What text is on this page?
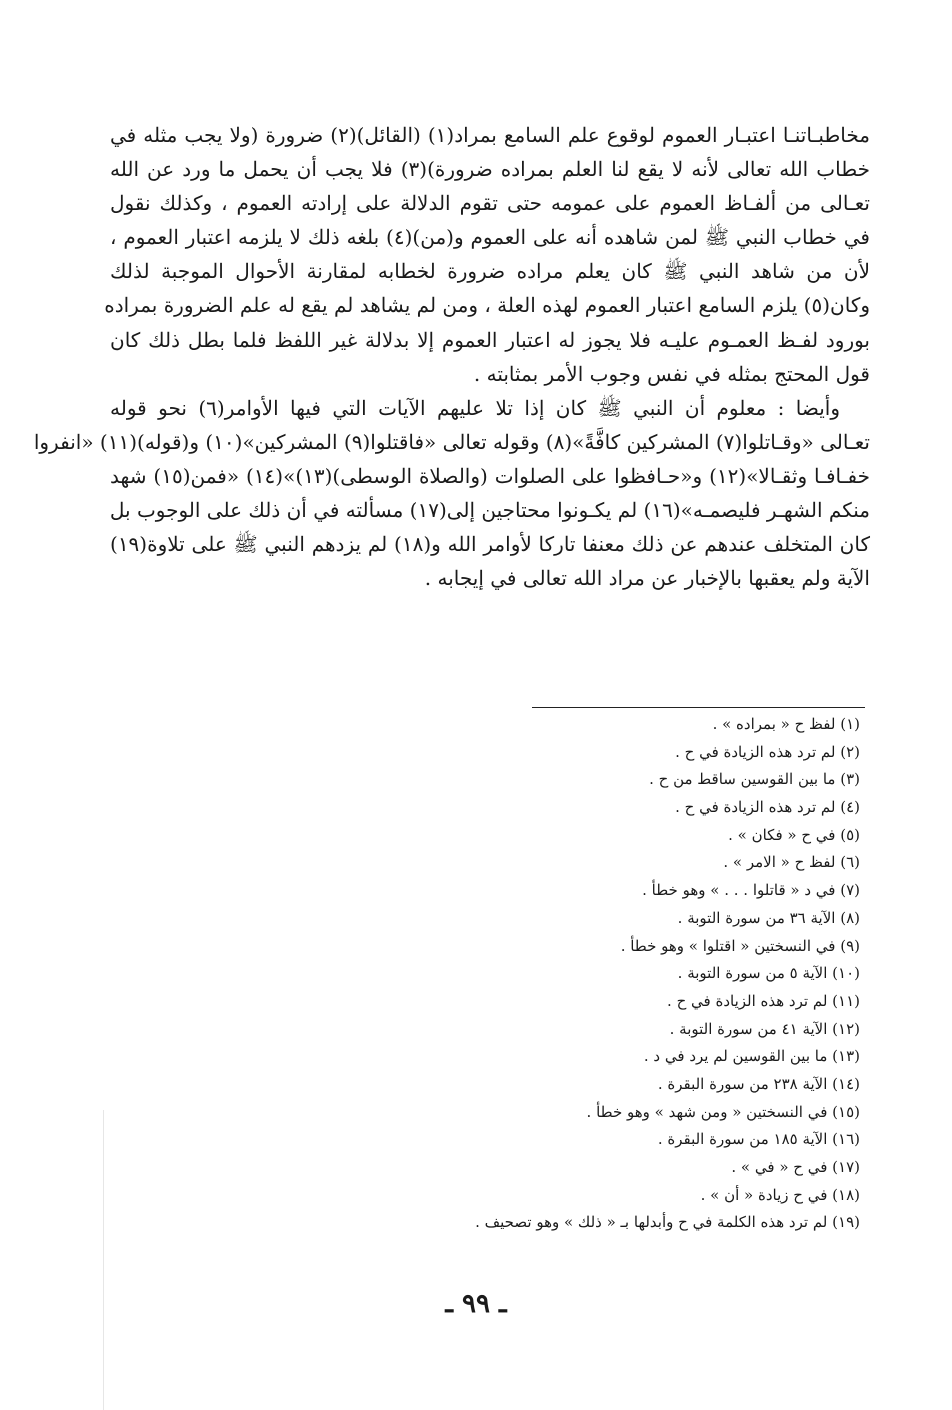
مخاطبـاتنـا اعتبـار العموم لوقوع علم السامع بمراد(١) (القائل)(٢) ضرورة (ولا يجب مثله في
خطاب الله تعالى لأنه لا يقع لنا العلم بمراده ضرورة)(٣) فلا يجب أن يحمل ما ورد عن الله
تعـالى من ألفـاظ العموم على عمومه حتى تقوم الدلالة على إرادته العموم ، وكذلك نقول
في خطاب النبي ﷺ لمن شاهده أنه على العموم و(من)(٤) بلغه ذلك لا يلزمه اعتبار العموم ،
لأن من شاهد النبي ﷺ كان يعلم مراده ضرورة لخطابه لمقارنة الأحوال الموجبة لذلك
وكان(٥) يلزم السامع اعتبار العموم لهذه العلة ، ومن لم يشاهد لم يقع له علم الضرورة بمراده
بورود لفـظ العمـوم عليـه فلا يجوز له اعتبار العموم إلا بدلالة غير اللفظ فلما بطل ذلك كان
قول المحتج بمثله في نفس وجوب الأمر بمثابته .
وأيضا : معلوم أن النبي ﷺ كان إذا تلا عليهم الآيات التي فيها الأوامر(٦) نحو قوله
تعـالى «وقـاتلوا(٧) المشركين كافَّةً»(٨) وقوله تعالى «فاقتلوا(٩) المشركين»(١٠) و(قوله)(١١) «انفروا
خفـافـا وثقـالا»(١٢) و«حـافظوا على الصلوات (والصلاة الوسطى)(١٣)»(١٤) «فمن(١٥) شهد
منكم الشهـر فليصمـه»(١٦) لم يكـونوا محتاجين إلى(١٧) مسألته في أن ذلك على الوجوب بل
كان المتخلف عندهم عن ذلك معنفا تاركا لأوامر الله و(١٨) لم يزدهم النبي ﷺ على تلاوة(١٩)
الآية ولم يعقبها بالإخبار عن مراد الله تعالى في إيجابه .
(١) لفظ ح « بمراده » .
(٢) لم ترد هذه الزيادة في ح .
(٣) ما بين القوسين ساقط من ح .
(٤) لم ترد هذه الزيادة في ح .
(٥) في ح « فكان » .
(٦) لفظ ح « الامر » .
(٧) في د « قاتلوا . . . » وهو خطأ .
(٨) الآية ٣٦ من سورة التوبة .
(٩) في النسختين « اقتلوا » وهو خطأ .
(١٠) الآية ٥ من سورة التوبة .
(١١) لم ترد هذه الزيادة في ح .
(١٢) الآية ٤١ من سورة التوبة .
(١٣) ما بين القوسين لم يرد في د .
(١٤) الآية ٢٣٨ من سورة البقرة .
(١٥) في النسختين « ومن شهد » وهو خطأ .
(١٦) الآية ١٨٥ من سورة البقرة .
(١٧) في ح « في » .
(١٨) في ح زيادة « أن » .
(١٩) لم ترد هذه الكلمة في ح وأبدلها بـ « ذلك » وهو تصحيف .
ـ ٩٩ ـ
